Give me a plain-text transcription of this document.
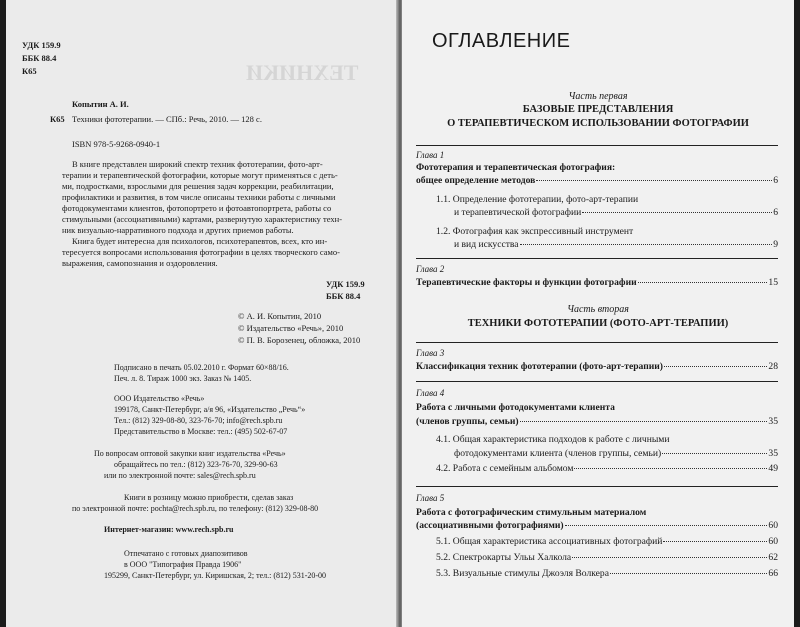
ТЕХНИКИ
УДК 159.9
ББК 88.4
К65
Копытин А. И.
К65 Техники фототерапии. — СПб.: Речь, 2010. — 128 с.
ISBN 978-5-9268-0940-1
В книге представлен широкий спектр техник фототерапии, фото-арт-
терапии и терапевтической фотографии, которые могут применяться с деть-
ми, подростками, взрослыми для решения задач коррекции, реабилитации,
профилактики и развития, в том числе описаны техники работы с личными
фотодокументами клиентов, фотопортрето и фотоавтопортрета, работы со
стимульными (ассоциативными) картами, развернутую характеристику техн-
ник визуально-нарративного подхода и других приемов работы.
Книга будет интересна для психологов, психотерапевтов, всех, кто ин-
тересуется вопросами использования фотографии в целях творческого само-
выражения, самопознания и оздоровления.
УДК 159.9
ББК 88.4
© А. И. Копытин, 2010
© Издательство «Речь», 2010
© П. В. Борозенец, обложка, 2010
Подписано в печать 05.02.2010 г. Формат 60×88/16.
Печ. л. 8. Тираж 1000 экз. Заказ № 1405.
ООО Издательство «Речь»
199178, Санкт-Петербург, а/я 96, «Издательство „Речь“»
Тел.: (812) 329-08-80, 323-76-70; info@rech.spb.ru
Представительство в Москве: тел.: (495) 502-67-07
По вопросам оптовой закупки книг издательства «Речь»
обращайтесь по тел.: (812) 323-76-70, 329-90-63
или по электронной почте: sales@rech.spb.ru
Книги в розницу можно приобрести, сделав заказ
по электронной почте: pochta@rech.spb.ru, по телефону: (812) 329-08-80
Интернет-магазин: www.rech.spb.ru
Отпечатано с готовых диапозитивов
в ООО "Типография Правда 1906"
195299, Санкт-Петербург, ул. Киришская, 2; тел.: (812) 531-20-00
ОГЛАВЛЕНИЕ
Часть первая
БАЗОВЫЕ ПРЕДСТАВЛЕНИЯ
О ТЕРАПЕВТИЧЕСКОМ ИСПОЛЬЗОВАНИИ ФОТОГРАФИИ
Глава 1
Фототерапия и терапевтическая фотография:
общее определение методов	6
1.1. Определение фототерапии, фото-арт-терапии
и терапевтической фотографии	6
1.2. Фотография как экспрессивный инструмент
и вид искусства	9
Глава 2
Терапевтические факторы и функции фотографии	15
Часть вторая
ТЕХНИКИ ФОТОТЕРАПИИ (ФОТО-АРТ-ТЕРАПИИ)
Глава 3
Классификация техник фототерапии (фото-арт-терапии)	28
Глава 4
Работа с личными фотодокументами клиента
(членов группы, семьи)	35
4.1. Общая характеристика подходов к работе с личными
фотодокументами клиента (членов группы, семьи)	35
4.2. Работа с семейным альбомом	49
Глава 5
Работа с фотографическим стимульным материалом
(ассоциативными фотографиями)	60
5.1. Общая характеристика ассоциативных фотографий	60
5.2. Спектрокарты Ульы Халкола	62
5.3. Визуальные стимулы Джоэля Волкера	66
